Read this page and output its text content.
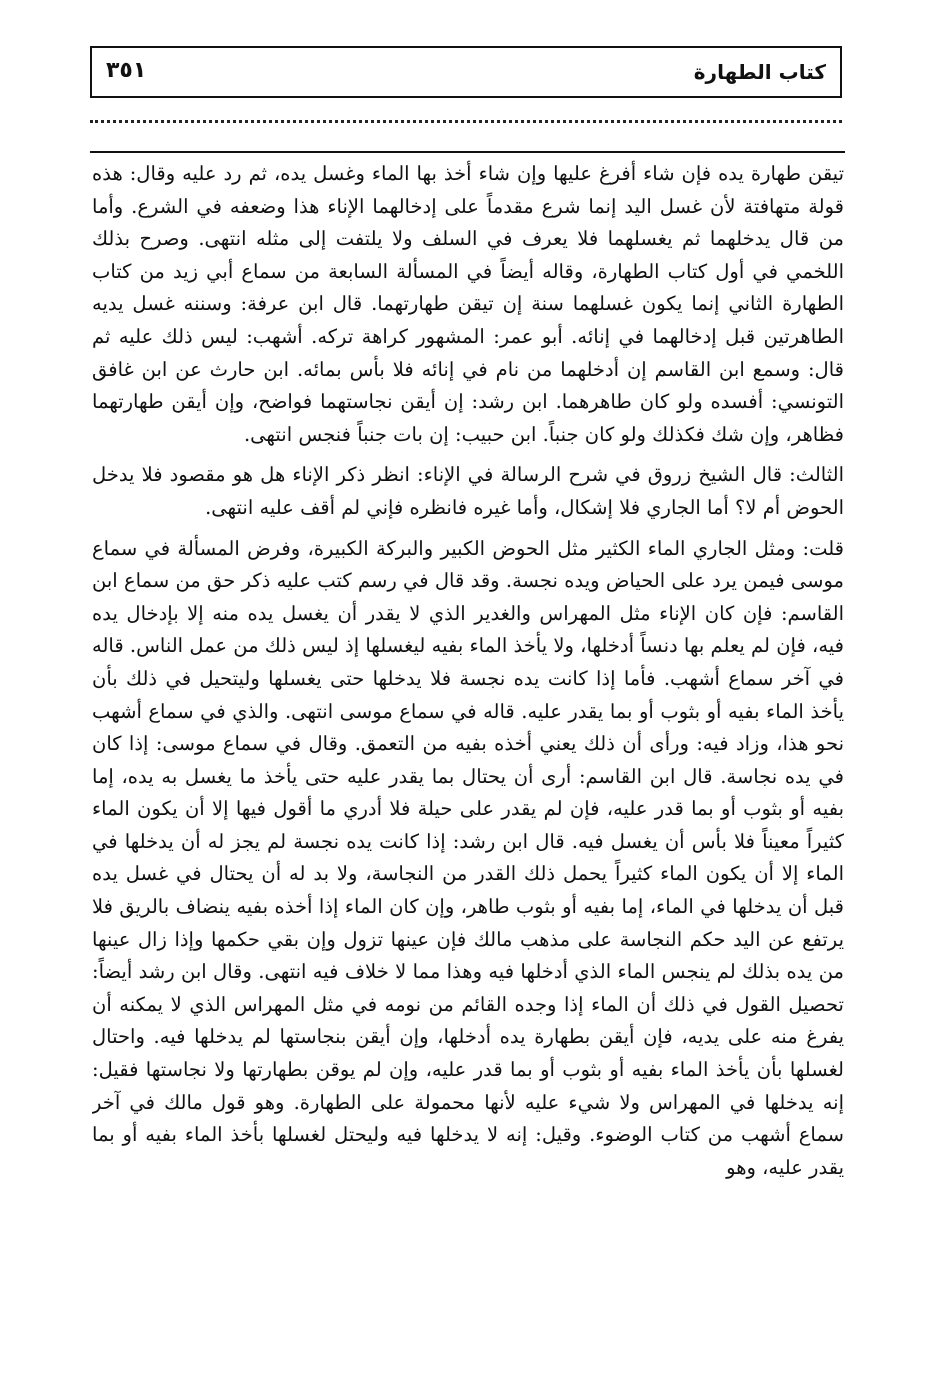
كتاب الطهارة
٣٥١

تيقن طهارة يده فإن شاء أفرغ عليها وإن شاء أخذ بها الماء وغسل يده، ثم رد عليه وقال: هذه قولة متهافتة لأن غسل اليد إنما شرع مقدماً على إدخالهما الإناء هذا وضعفه في الشرع. وأما من قال يدخلهما ثم يغسلهما فلا يعرف في السلف ولا يلتفت إلى مثله انتهى. وصرح بذلك اللخمي في أول كتاب الطهارة، وقاله أيضاً في المسألة السابعة من سماع أبي زيد من كتاب الطهارة الثاني إنما يكون غسلهما سنة إن تيقن طهارتهما. قال ابن عرفة: وسننه غسل يديه الطاهرتين قبل إدخالهما في إنائه. أبو عمر: المشهور كراهة تركه. أشهب: ليس ذلك عليه ثم قال: وسمع ابن القاسم إن أدخلهما من نام في إنائه فلا بأس بمائه. ابن حارث عن ابن غافق التونسي: أفسده ولو كان طاهرهما. ابن رشد: إن أيقن نجاستهما فواضح، وإن أيقن طهارتهما فظاهر، وإن شك فكذلك ولو كان جنباً. ابن حبيب: إن بات جنباً فنجس انتهى.

الثالث: قال الشيخ زروق في شرح الرسالة في الإناء: انظر ذكر الإناء هل هو مقصود فلا يدخل الحوض أم لا؟ أما الجاري فلا إشكال، وأما غيره فانظره فإني لم أقف عليه انتهى.

قلت: ومثل الجاري الماء الكثير مثل الحوض الكبير والبركة الكبيرة، وفرض المسألة في سماع موسى فيمن يرد على الحياض ويده نجسة. وقد قال في رسم كتب عليه ذكر حق من سماع ابن القاسم: فإن كان الإناء مثل المهراس والغدير الذي لا يقدر أن يغسل يده منه إلا بإدخال يده فيه، فإن لم يعلم بها دنساً أدخلها، ولا يأخذ الماء بفيه ليغسلها إذ ليس ذلك من عمل الناس. قاله في آخر سماع أشهب. فأما إذا كانت يده نجسة فلا يدخلها حتى يغسلها وليتحيل في ذلك بأن يأخذ الماء بفيه أو بثوب أو بما يقدر عليه. قاله في سماع موسى انتهى. والذي في سماع أشهب نحو هذا، وزاد فيه: ورأى أن ذلك يعني أخذه بفيه من التعمق. وقال في سماع موسى: إذا كان في يده نجاسة. قال ابن القاسم: أرى أن يحتال بما يقدر عليه حتى يأخذ ما يغسل به يده، إما بفيه أو بثوب أو بما قدر عليه، فإن لم يقدر على حيلة فلا أدري ما أقول فيها إلا أن يكون الماء كثيراً معيناً فلا بأس أن يغسل فيه. قال ابن رشد: إذا كانت يده نجسة لم يجز له أن يدخلها في الماء إلا أن يكون الماء كثيراً يحمل ذلك القدر من النجاسة، ولا بد له أن يحتال في غسل يده قبل أن يدخلها في الماء، إما بفيه أو بثوب طاهر، وإن كان الماء إذا أخذه بفيه ينضاف بالريق فلا يرتفع عن اليد حكم النجاسة على مذهب مالك فإن عينها تزول وإن بقي حكمها وإذا زال عينها من يده بذلك لم ينجس الماء الذي أدخلها فيه وهذا مما لا خلاف فيه انتهى. وقال ابن رشد أيضاً: تحصيل القول في ذلك أن الماء إذا وجده القائم من نومه في مثل المهراس الذي لا يمكنه أن يفرغ منه على يديه، فإن أيقن بطهارة يده أدخلها، وإن أيقن بنجاستها لم يدخلها فيه. واحتال لغسلها بأن يأخذ الماء بفيه أو بثوب أو بما قدر عليه، وإن لم يوقن بطهارتها ولا نجاستها فقيل: إنه يدخلها في المهراس ولا شيء عليه لأنها محمولة على الطهارة. وهو قول مالك في آخر سماع أشهب من كتاب الوضوء. وقيل: إنه لا يدخلها فيه وليحتل لغسلها بأخذ الماء بفيه أو بما يقدر عليه، وهو
